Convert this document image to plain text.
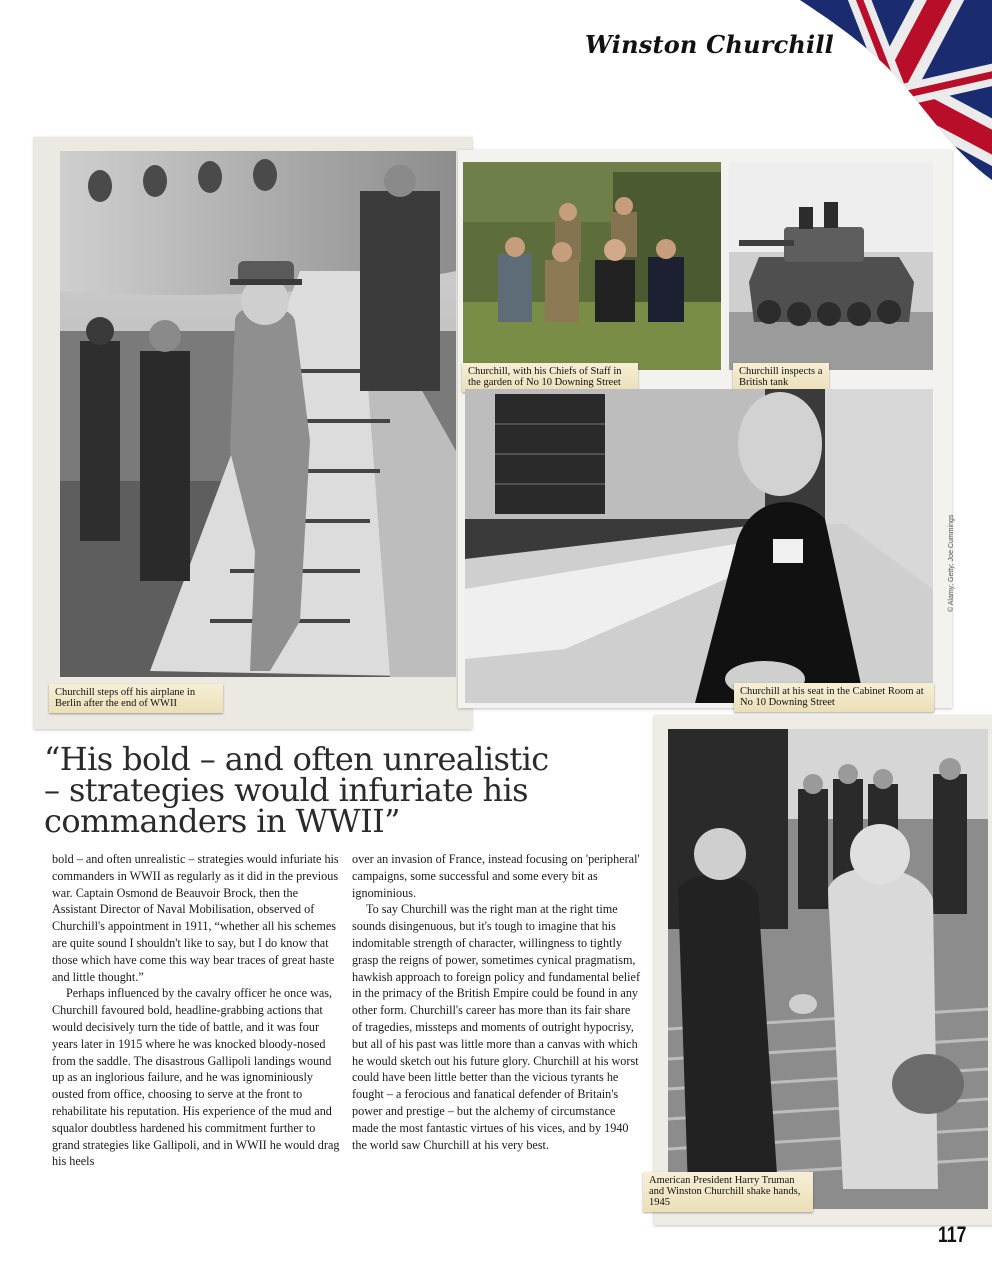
Winston Churchill
Churchill steps off his airplane in Berlin after the end of WWII
Churchill, with his Chiefs of Staff in the garden of No 10 Downing Street
Churchill inspects a British tank
Churchill at his seat in the Cabinet Room at No 10 Downing Street
© Alamy; Getty; Joe Cummings
American President Harry Truman and Winston Churchill shake hands, 1945
“His bold – and often unrealistic
– strategies would infuriate his
commanders in WWII”

bold – and often unrealistic – strategies would infuriate his commanders in WWII as regularly as it did in the previous war. Captain Osmond de Beauvoir Brock, then the Assistant Director of Naval Mobilisation, observed of Churchill's appointment in 1911, “whether all his schemes are quite sound I shouldn't like to say, but I do know that those which have come this way bear traces of great haste and little thought.”

Perhaps influenced by the cavalry officer he once was, Churchill favoured bold, headline-grabbing actions that would decisively turn the tide of battle, and it was four years later in 1915 where he was knocked bloody-nosed from the saddle. The disastrous Gallipoli landings wound up as an inglorious failure, and he was ignominiously ousted from office, choosing to serve at the front to rehabilitate his reputation. His experience of the mud and squalor doubtless hardened his commitment further to grand strategies like Gallipoli, and in WWII he would drag his heels

over an invasion of France, instead focusing on 'peripheral' campaigns, some successful and some every bit as ignominious.

To say Churchill was the right man at the right time sounds disingenuous, but it's tough to imagine that his indomitable strength of character, willingness to tightly grasp the reigns of power, sometimes cynical pragmatism, hawkish approach to foreign policy and fundamental belief in the primacy of the British Empire could be found in any other form. Churchill's career has more than its fair share of tragedies, missteps and moments of outright hypocrisy, but all of his past was little more than a canvas with which he would sketch out his future glory. Churchill at his worst could have been little better than the vicious tyrants he fought – a ferocious and fanatical defender of Britain's power and prestige – but the alchemy of circumstance made the most fantastic virtues of his vices, and by 1940 the world saw Churchill at his very best.

117
